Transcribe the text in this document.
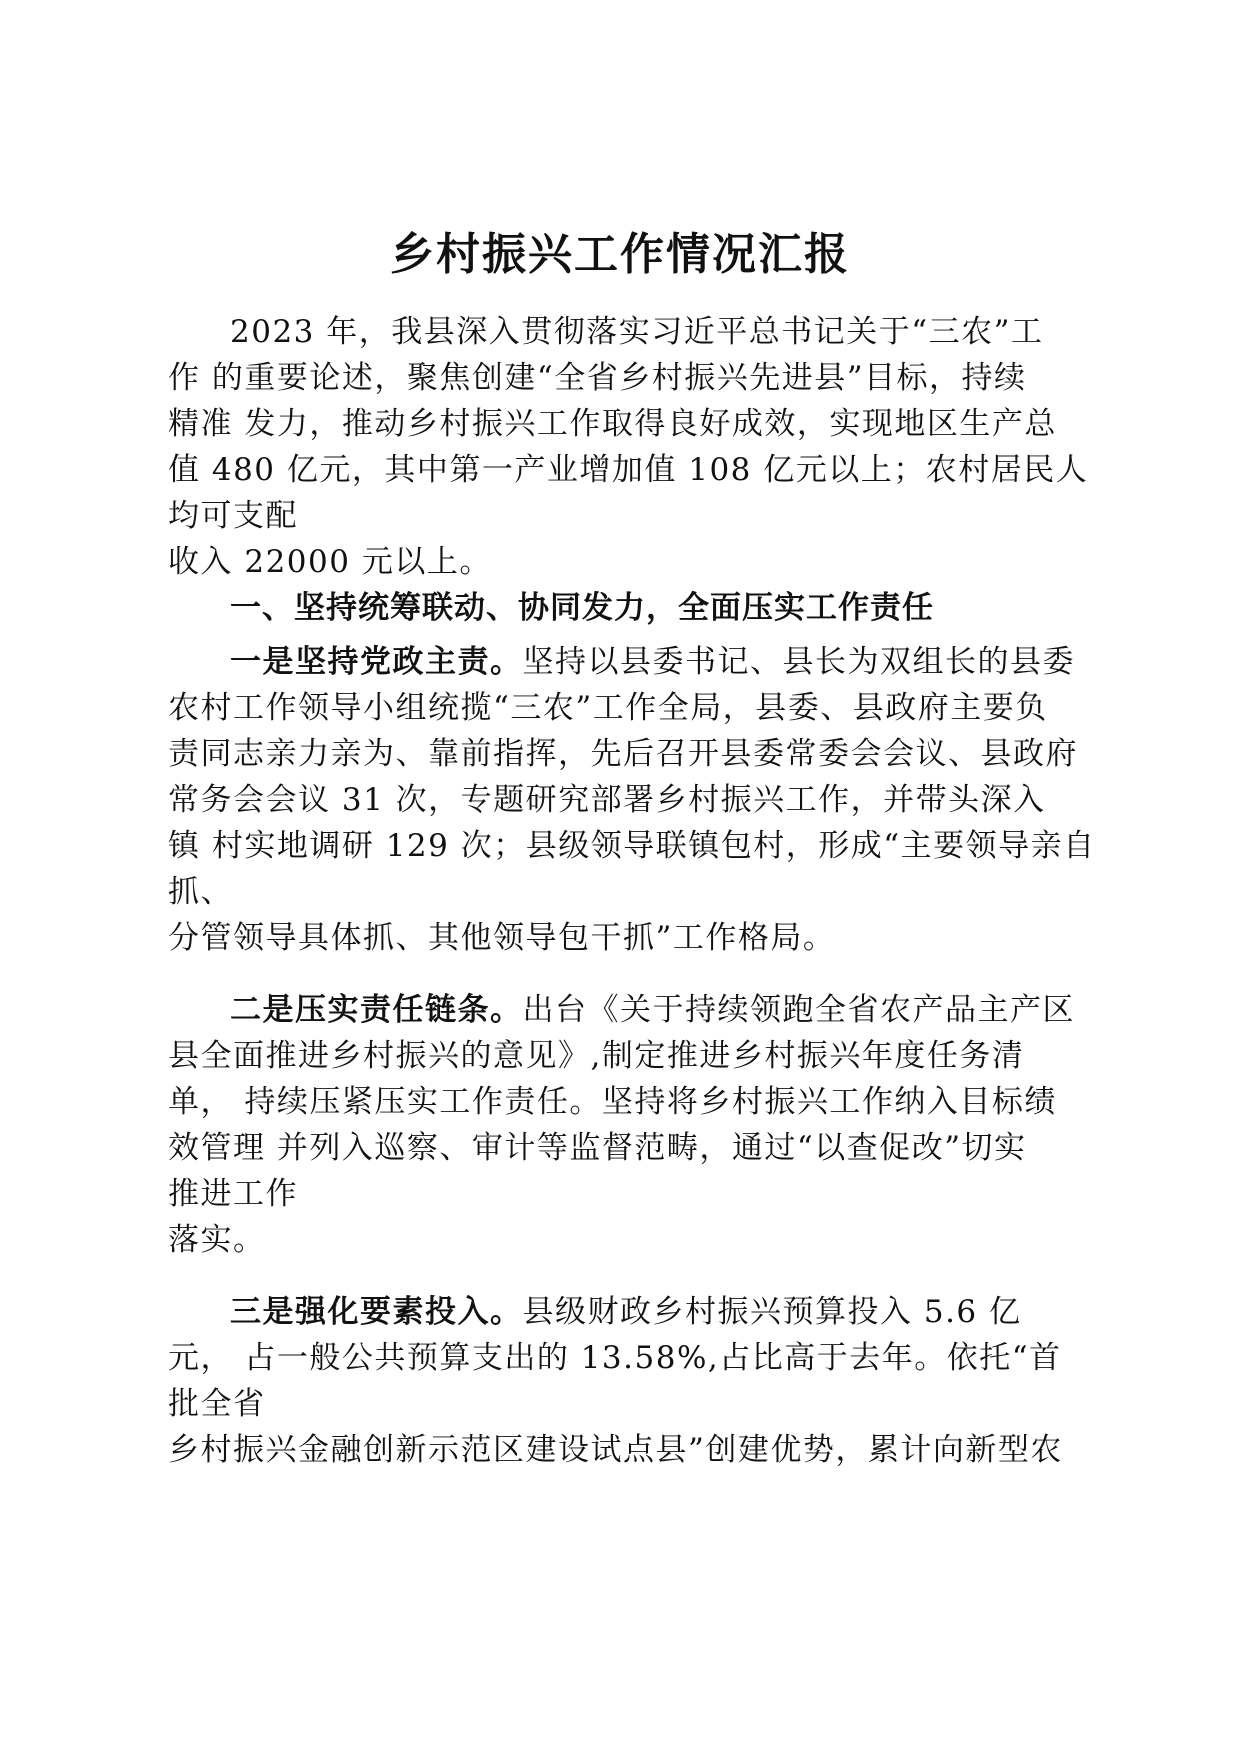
乡村振兴工作情况汇报

2023 年，我县深入贯彻落实习近平总书记关于“三农”工

作 的重要论述，聚焦创建“全省乡村振兴先进县”目标，持续

精准 发力，推动乡村振兴工作取得良好成效，实现地区生产总

值 480 亿元，其中第一产业增加值 108 亿元以上；农村居民人

均可支配

收入 22000 元以上。

一、坚持统筹联动、协同发力，全面压实工作责任

一是坚持党政主责。坚持以县委书记、县长为双组长的县委

农村工作领导小组统揽“三农”工作全局，县委、县政府主要负

责同志亲力亲为、靠前指挥，先后召开县委常委会会议、县政府

常务会会议 31 次，专题研究部署乡村振兴工作，并带头深入

镇 村实地调研 129 次；县级领导联镇包村，形成“主要领导亲自

抓、

分管领导具体抓、其他领导包干抓”工作格局。

二是压实责任链条。出台《关于持续领跑全省农产品主产区

县全面推进乡村振兴的意见》,制定推进乡村振兴年度任务清

单， 持续压紧压实工作责任。坚持将乡村振兴工作纳入目标绩

效管理 并列入巡察、审计等监督范畴，通过“以查促改”切实

推进工作

落实。

三是强化要素投入。县级财政乡村振兴预算投入 5.6 亿

元， 占一般公共预算支出的 13.58%,占比高于去年。依托“首

批全省

乡村振兴金融创新示范区建设试点县”创建优势，累计向新型农
